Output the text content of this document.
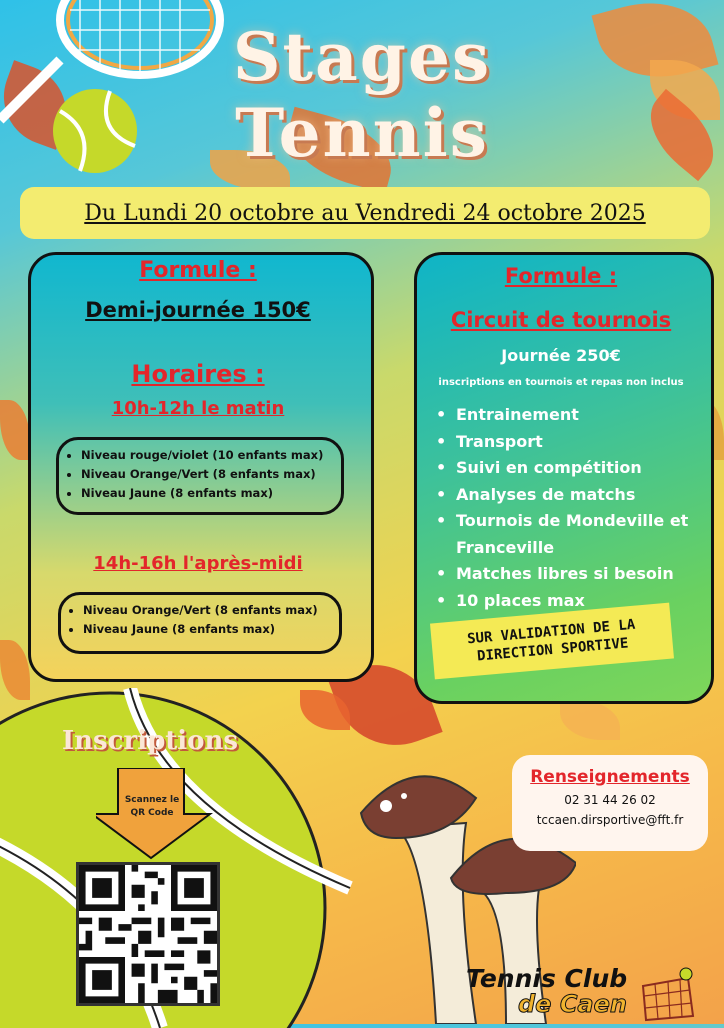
Stages
Tennis
Du Lundi 20 octobre au Vendredi 24 octobre 2025
Formule :
Demi-journée 150€
Horaires :
10h-12h le matin
• Niveau rouge/violet (10 enfants max)
• Niveau Orange/Vert (8 enfants max)
• Niveau Jaune (8 enfants max)
14h-16h l'après-midi
• Niveau Orange/Vert (8 enfants max)
• Niveau Jaune (8 enfants max)
Formule :
Circuit de tournois
Journée 250€
inscriptions en tournois et repas non inclus
• Entrainement
• Transport
• Suivi en compétition
• Analyses de matchs
• Tournois de Mondeville et Franceville
• Matches libres si besoin
• 10 places max
SUR VALIDATION DE LA DIRECTION SPORTIVE
Inscriptions
Scannez le QR Code
Renseignements
02 31 44 26 02
tccaen.dirsportive@fft.fr
Tennis Club
de Caen
